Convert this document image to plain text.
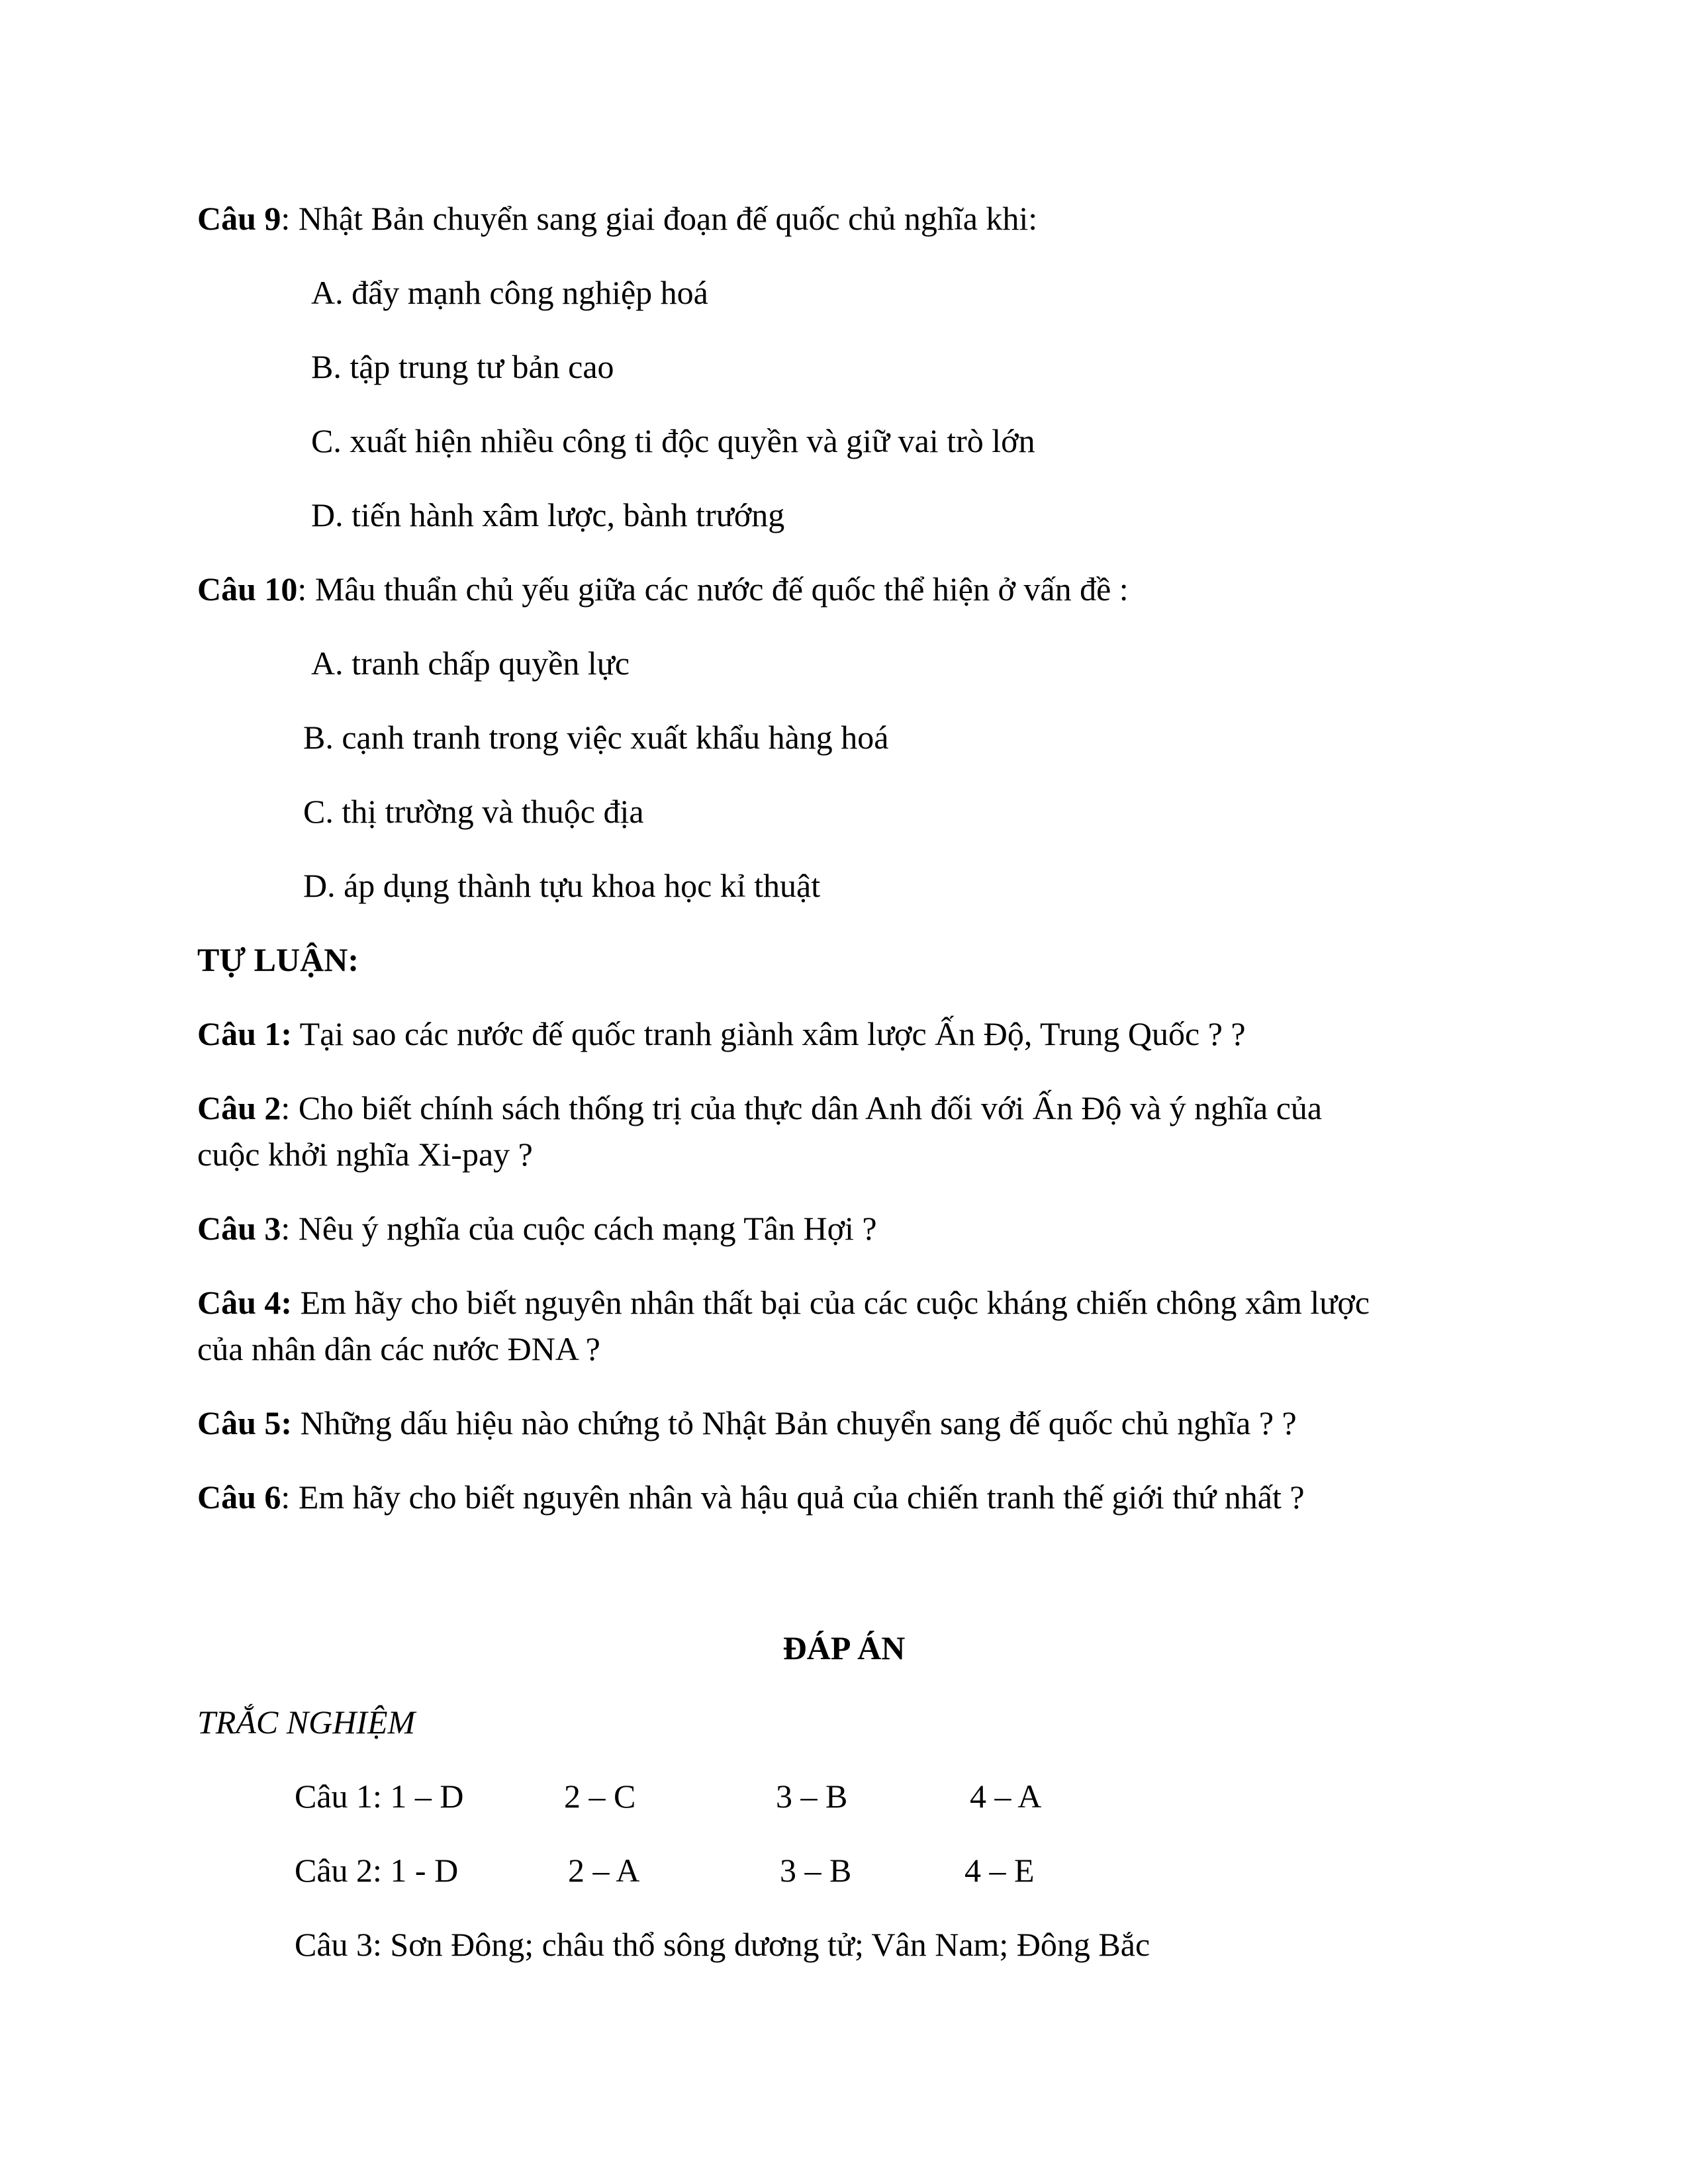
Câu 9: Nhật Bản chuyển sang giai đoạn đế quốc chủ nghĩa khi:
A. đẩy mạnh công nghiệp hoá
B. tập trung tư bản cao
C. xuất hiện nhiều công ti độc quyền và giữ vai trò lớn
D. tiến hành xâm lược, bành trướng
Câu 10: Mâu thuẩn chủ yếu giữa các nước đế quốc thể hiện ở vấn đề :
A. tranh chấp quyền lực
B. cạnh tranh trong việc xuất khẩu hàng hoá
C. thị trường và thuộc địa
D. áp dụng thành tựu khoa học kỉ thuật
TỰ LUẬN:
Câu 1: Tại sao các nước đế quốc tranh giành xâm lược Ấn Độ, Trung Quốc ? ?
Câu 2: Cho biết chính sách thống trị của thực dân Anh đối với Ấn Độ và ý nghĩa của
cuộc khởi nghĩa Xi-pay ?
Câu 3: Nêu ý nghĩa của cuộc cách mạng Tân Hợi ?
Câu 4: Em hãy cho biết nguyên nhân thất bại của các cuộc kháng chiến chông xâm lược
của nhân dân các nước ĐNA ?
Câu 5: Những dấu hiệu nào chứng tỏ Nhật Bản chuyển sang đế quốc chủ nghĩa ? ?
Câu 6: Em hãy cho biết nguyên nhân và hậu quả của chiến tranh thế giới thứ nhất ?
ĐÁP ÁN
TRẮC NGHIỆM
Câu 1: 1 – D	2 – C	3 – B	4 – A
Câu 2: 1 - D	2 – A	3 – B	4 – E
Câu 3: Sơn Đông; châu thổ sông dương tử; Vân Nam; Đông Bắc
